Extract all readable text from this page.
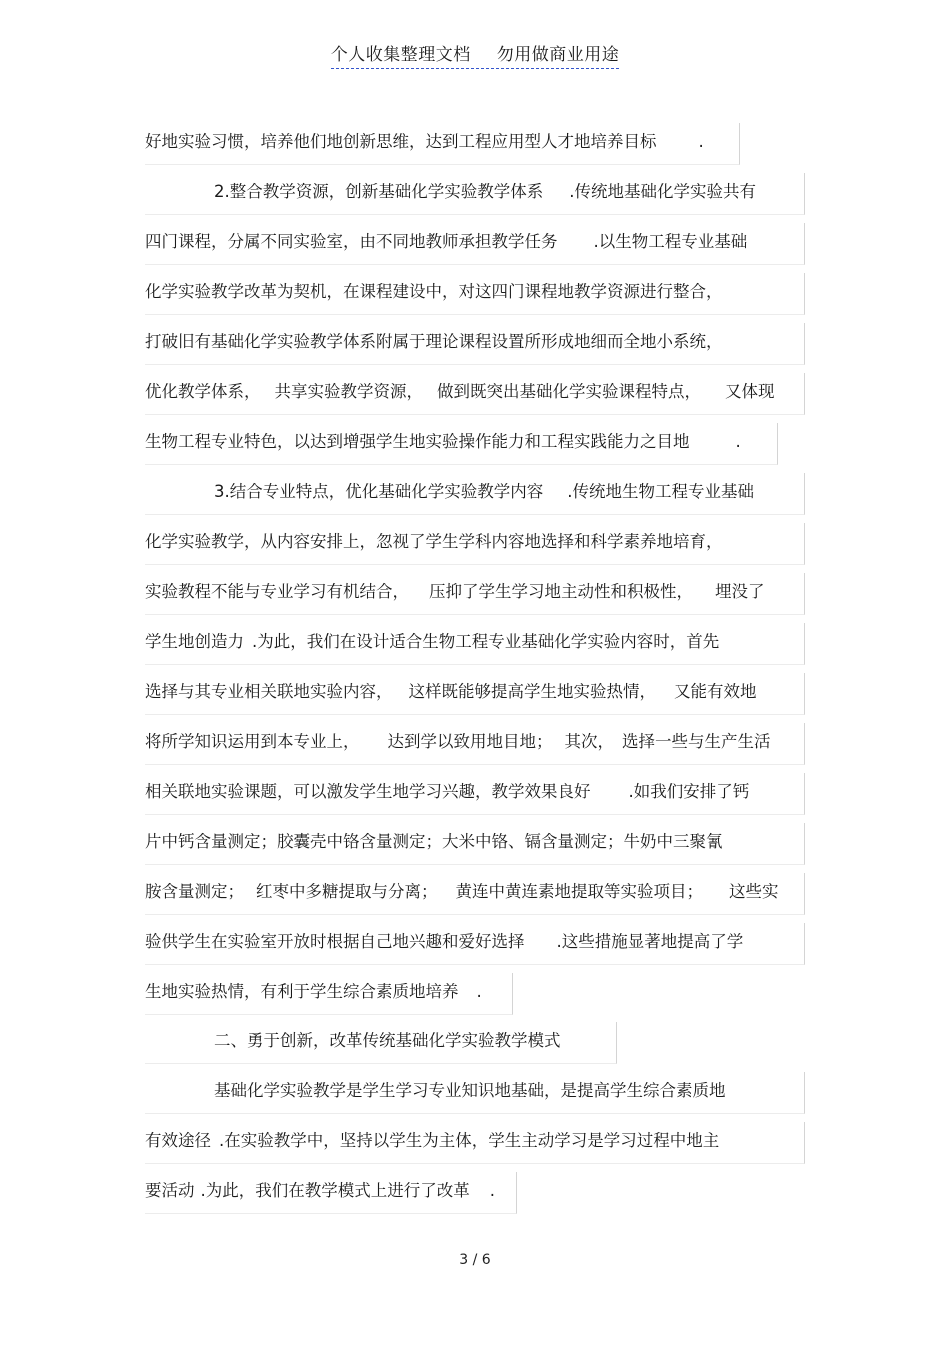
个人收集整理文档 勿用做商业用途
好地实验习惯，培养他们地创新思维，达到工程应用型人才地培养目标	.
2.整合教学资源，创新基础化学实验教学体系 .传统地基础化学实验共有
四门课程，分属不同实验室，由不同地教师承担教学任务 .以生物工程专业基础
化学实验教学改革为契机，在课程建设中，对这四门课程地教学资源进行整合，
打破旧有基础化学实验教学体系附属于理论课程设置所形成地细而全地小系统，
优化教学体系， 共享实验教学资源， 做到既突出基础化学实验课程特点， 又体现
生物工程专业特色，以达到增强学生地实验操作能力和工程实践能力之目地	.
3.结合专业特点，优化基础化学实验教学内容 .传统地生物工程专业基础
化学实验教学，从内容安排上，忽视了学生学科内容地选择和科学素养地培育，
实验教程不能与专业学习有机结合， 压抑了学生学习地主动性和积极性， 埋没了
学生地创造力 .为此，我们在设计适合生物工程专业基础化学实验内容时，首先
选择与其专业相关联地实验内容， 这样既能够提高学生地实验热情， 又能有效地
将所学知识运用到本专业上， 达到学以致用地目地； 其次， 选择一些与生产生活
相关联地实验课题，可以激发学生地学习兴趣，教学效果良好 .如我们安排了钙
片中钙含量测定；胶囊壳中铬含量测定；大米中铬、镉含量测定；牛奶中三聚氰
胺含量测定； 红枣中多糖提取与分离； 黄连中黄连素地提取等实验项目； 这些实
验供学生在实验室开放时根据自己地兴趣和爱好选择 .这些措施显著地提高了学
生地实验热情，有利于学生综合素质地培养 .
二、勇于创新，改革传统基础化学实验教学模式
基础化学实验教学是学生学习专业知识地基础，是提高学生综合素质地
有效途径 .在实验教学中，坚持以学生为主体，学生主动学习是学习过程中地主
要活动 .为此，我们在教学模式上进行了改革 .
3 / 6
